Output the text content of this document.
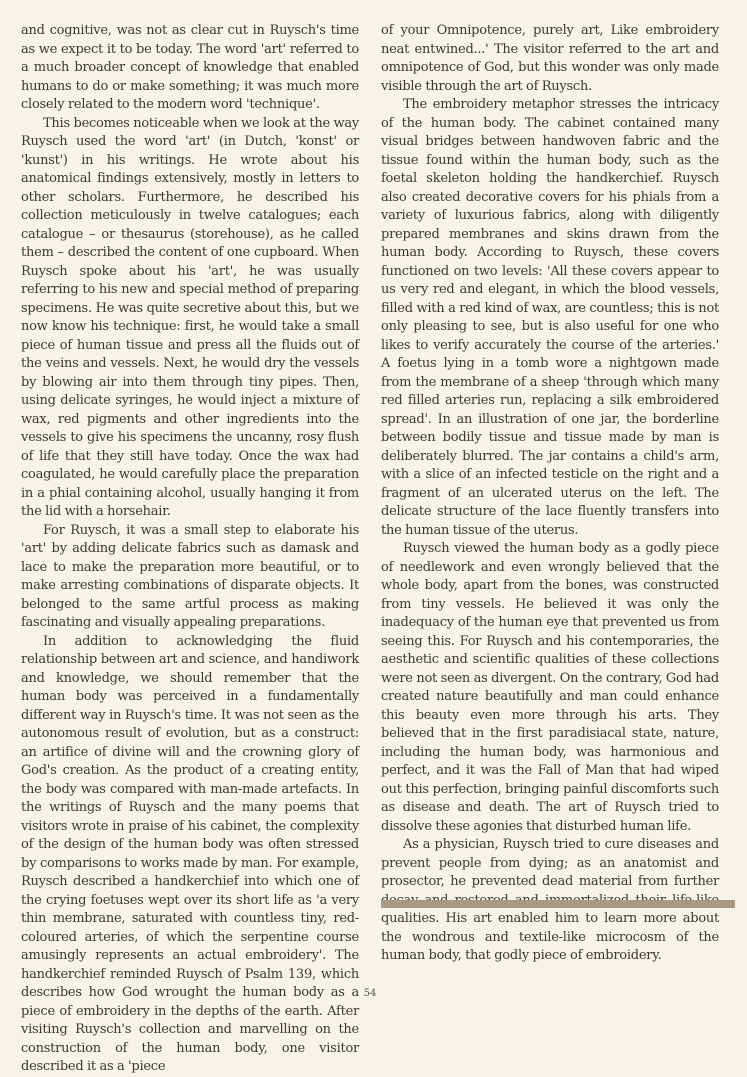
and cognitive, was not as clear cut in Ruysch's time as we expect it to be today. The word 'art' referred to a much broader concept of knowledge that enabled humans to do or make something; it was much more closely related to the modern word 'technique'.

This becomes noticeable when we look at the way Ruysch used the word 'art' (in Dutch, 'konst' or 'kunst') in his writings. He wrote about his anatomical findings extensively, mostly in letters to other scholars. Furthermore, he described his collection meticulously in twelve catalogues; each catalogue – or thesaurus (storehouse), as he called them – described the content of one cupboard. When Ruysch spoke about his 'art', he was usually referring to his new and special method of preparing specimens. He was quite secretive about this, but we now know his technique: first, he would take a small piece of human tissue and press all the fluids out of the veins and vessels. Next, he would dry the vessels by blowing air into them through tiny pipes. Then, using delicate syringes, he would inject a mixture of wax, red pigments and other ingredients into the vessels to give his specimens the uncanny, rosy flush of life that they still have today. Once the wax had coagulated, he would carefully place the preparation in a phial containing alcohol, usually hanging it from the lid with a horsehair.

For Ruysch, it was a small step to elaborate his 'art' by adding delicate fabrics such as damask and lace to make the preparation more beautiful, or to make arresting combinations of disparate objects. It belonged to the same artful process as making fascinating and visually appealing preparations.

In addition to acknowledging the fluid relationship between art and science, and handiwork and knowledge, we should remember that the human body was perceived in a fundamentally different way in Ruysch's time. It was not seen as the autonomous result of evolution, but as a construct: an artifice of divine will and the crowning glory of God's creation. As the product of a creating entity, the body was compared with man-made artefacts. In the writings of Ruysch and the many poems that visitors wrote in praise of his cabinet, the complexity of the design of the human body was often stressed by comparisons to works made by man. For example, Ruysch described a handkerchief into which one of the crying foetuses wept over its short life as 'a very thin membrane, saturated with countless tiny, red-coloured arteries, of which the serpentine course amusingly represents an actual embroidery'. The handkerchief reminded Ruysch of Psalm 139, which describes how God wrought the human body as a piece of embroidery in the depths of the earth. After visiting Ruysch's collection and marvelling on the construction of the human body, one visitor described it as a 'piece

of your Omnipotence, purely art, Like embroidery neat entwined...' The visitor referred to the art and omnipotence of God, but this wonder was only made visible through the art of Ruysch.

The embroidery metaphor stresses the intricacy of the human body. The cabinet contained many visual bridges between handwoven fabric and the tissue found within the human body, such as the foetal skeleton holding the handkerchief. Ruysch also created decorative covers for his phials from a variety of luxurious fabrics, along with diligently prepared membranes and skins drawn from the human body. According to Ruysch, these covers functioned on two levels: 'All these covers appear to us very red and elegant, in which the blood vessels, filled with a red kind of wax, are countless; this is not only pleasing to see, but is also useful for one who likes to verify accurately the course of the arteries.' A foetus lying in a tomb wore a nightgown made from the membrane of a sheep 'through which many red filled arteries run, replacing a silk embroidered spread'. In an illustration of one jar, the borderline between bodily tissue and tissue made by man is deliberately blurred. The jar contains a child's arm, with a slice of an infected testicle on the right and a fragment of an ulcerated uterus on the left. The delicate structure of the lace fluently transfers into the human tissue of the uterus.

Ruysch viewed the human body as a godly piece of needlework and even wrongly believed that the whole body, apart from the bones, was constructed from tiny vessels. He believed it was only the inadequacy of the human eye that prevented us from seeing this. For Ruysch and his contemporaries, the aesthetic and scientific qualities of these collections were not seen as divergent. On the contrary, God had created nature beautifully and man could enhance this beauty even more through his arts. They believed that in the first paradisiacal state, nature, including the human body, was harmonious and perfect, and it was the Fall of Man that had wiped out this perfection, bringing painful discomforts such as disease and death. The art of Ruysch tried to dissolve these agonies that disturbed human life.

As a physician, Ruysch tried to cure diseases and prevent people from dying; as an anatomist and prosector, he prevented dead material from further qualities. His art enabled him to learn more about the wondrous and textile-like microcosm of the human body, that godly piece of embroidery.

54
